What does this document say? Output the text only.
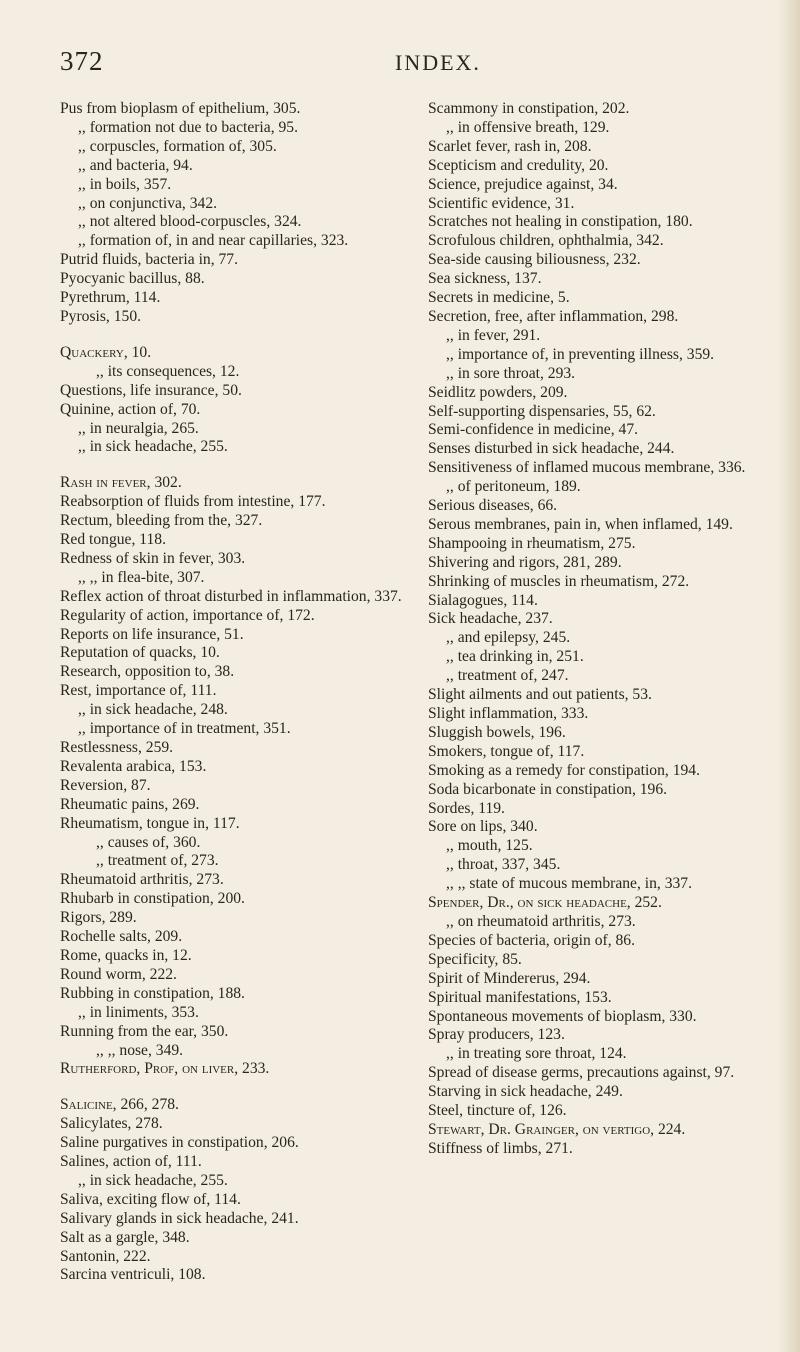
372	INDEX.
Pus from bioplasm of epithelium, 305.
,, formation not due to bacteria, 95.
,, corpuscles, formation of, 305.
,, and bacteria, 94.
,, in boils, 357.
,, on conjunctiva, 342.
,, not altered blood-corpuscles, 324.
,, formation of, in and near capillaries, 323.
Putrid fluids, bacteria in, 77.
Pyocyanic bacillus, 88.
Pyrethrum, 114.
Pyrosis, 150.
Quackery, 10.
,, its consequences, 12.
Questions, life insurance, 50.
Quinine, action of, 70.
,, in neuralgia, 265.
,, in sick headache, 255.
Rash in fever, 302.
Reabsorption of fluids from intestine, 177.
Rectum, bleeding from the, 327.
Red tongue, 118.
Redness of skin in fever, 303.
,, ,, in flea-bite, 307.
Reflex action of throat disturbed in inflammation, 337.
Regularity of action, importance of, 172.
Reports on life insurance, 51.
Reputation of quacks, 10.
Research, opposition to, 38.
Rest, importance of, 111.
,, in sick headache, 248.
,, importance of in treatment, 351.
Restlessness, 259.
Revalenta arabica, 153.
Reversion, 87.
Rheumatic pains, 269.
Rheumatism, tongue in, 117.
,, causes of, 360.
,, treatment of, 273.
Rheumatoid arthritis, 273.
Rhubarb in constipation, 200.
Rigors, 289.
Rochelle salts, 209.
Rome, quacks in, 12.
Round worm, 222.
Rubbing in constipation, 188.
,, in liniments, 353.
Running from the ear, 350.
,, ,, nose, 349.
Rutherford, Prof, on liver, 233.
Salicine, 266, 278.
Salicylates, 278.
Saline purgatives in constipation, 206.
Salines, action of, 111.
,, in sick headache, 255.
Saliva, exciting flow of, 114.
Salivary glands in sick headache, 241.
Salt as a gargle, 348.
Santonin, 222.
Sarcina ventriculi, 108.
Scammony in constipation, 202.
,, in offensive breath, 129.
Scarlet fever, rash in, 208.
Scepticism and credulity, 20.
Science, prejudice against, 34.
Scientific evidence, 31.
Scratches not healing in constipation, 180.
Scrofulous children, ophthalmia, 342.
Sea-side causing biliousness, 232.
Sea sickness, 137.
Secrets in medicine, 5.
Secretion, free, after inflammation, 298.
,, in fever, 291.
,, importance of, in preventing illness, 359.
,, in sore throat, 293.
Seidlitz powders, 209.
Self-supporting dispensaries, 55, 62.
Semi-confidence in medicine, 47.
Senses disturbed in sick headache, 244.
Sensitiveness of inflamed mucous membrane, 336.
,, of peritoneum, 189.
Serious diseases, 66.
Serous membranes, pain in, when inflamed, 149.
Shampooing in rheumatism, 275.
Shivering and rigors, 281, 289.
Shrinking of muscles in rheumatism, 272.
Sialagogues, 114.
Sick headache, 237.
,, and epilepsy, 245.
,, tea drinking in, 251.
,, treatment of, 247.
Slight ailments and out patients, 53.
Slight inflammation, 333.
Sluggish bowels, 196.
Smokers, tongue of, 117.
Smoking as a remedy for constipation, 194.
Soda bicarbonate in constipation, 196.
Sordes, 119.
Sore on lips, 340.
,, mouth, 125.
,, throat, 337, 345.
,, ,, state of mucous membrane, in, 337.
Spender, Dr., on sick headache, 252.
,, on rheumatoid arthritis, 273.
Species of bacteria, origin of, 86.
Specificity, 85.
Spirit of Mindererus, 294.
Spiritual manifestations, 153.
Spontaneous movements of bioplasm, 330.
Spray producers, 123.
,, in treating sore throat, 124.
Spread of disease germs, precautions against, 97.
Starving in sick headache, 249.
Steel, tincture of, 126.
Stewart, Dr. Grainger, on vertigo, 224.
Stiffness of limbs, 271.
